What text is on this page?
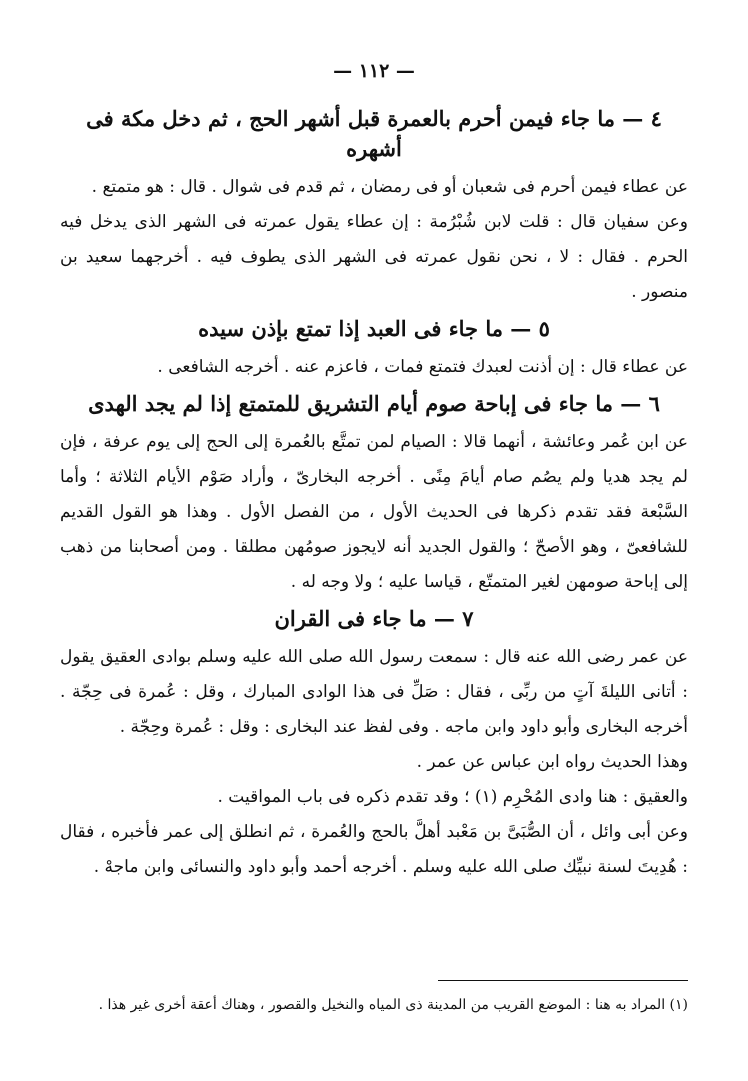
— ١١٢ —
٤ — ما جاء فيمن أحرم بالعمرة قبل أشهر الحج ، ثم دخل مكة فى أشهره
عن عطاء فيمن أحرم فى شعبان أو فى رمضان ، ثم قدم فى شوال . قال : هو متمتع .
وعن سفيان قال : قلت لابن شُبْرُمة : إن عطاء يقول عمرته فى الشهر الذى يدخل فيه الحرم . فقال : لا ، نحن نقول عمرته فى الشهر الذى يطوف فيه . أخرجهما سعيد بن منصور .
٥ — ما جاء فى العبد إذا تمتع بإذن سيده
عن عطاء قال : إن أذنت لعبدك فتمتع فمات ، فاعزم عنه . أخرجه الشافعى .
٦ — ما جاء فى إباحة صوم أيام التشريق للمتمتع إذا لم يجد الهدى
عن ابن عُمر وعائشة ، أنهما قالا : الصيام لمن تمتَّع بالعُمرة إلى الحج إلى يوم عرفة ، فإن لم يجد هديا ولم يصُم صام أيامَ مِنًى . أخرجه البخارىّ ، وأراد صَوْم الأيام الثلاثة ؛ وأما السَّبْعة فقد تقدم ذكرها فى الحديث الأول ، من الفصل الأول . وهذا هو القول القديم للشافعىّ ، وهو الأصحّ ؛ والقول الجديد أنه لايجوز صومُهن مطلقا . ومن أصحابنا من ذهب إلى إباحة صومهن لغير المتمتّع ، قياسا عليه ؛ ولا وجه له .
٧ — ما جاء فى القران
عن عمر رضى الله عنه قال : سمعت رسول الله صلى الله عليه وسلم بوادى العقيق يقول : أتانى الليلةَ آتٍ من ربِّى ، فقال : صَلِّ فى هذا الوادى المبارك ، وقل : عُمرة فى حِجّة . أخرجه البخارى وأبو داود وابن ماجه . وفى لفظ عند البخارى : وقل : عُمرة وحِجّة .
وهذا الحديث رواه ابن عباس عن عمر .
والعقيق : هنا وادى المُحْرِم (١) ؛ وقد تقدم ذكره فى باب المواقيت .
وعن أبى وائل ، أن الصُّبَىَّ بن مَعْبد أهلَّ بالحج والعُمرة ، ثم انطلق إلى عمر فأخبره ، فقال : هُدِيتَ لسنة نبيِّك صلى الله عليه وسلم . أخرجه أحمد وأبو داود والنسائى وابن ماجهْ .
(١) المراد به هنا : الموضع القريب من المدينة ذى المياه والنخيل والقصور ، وهناك أعقة أخرى غير هذا .
